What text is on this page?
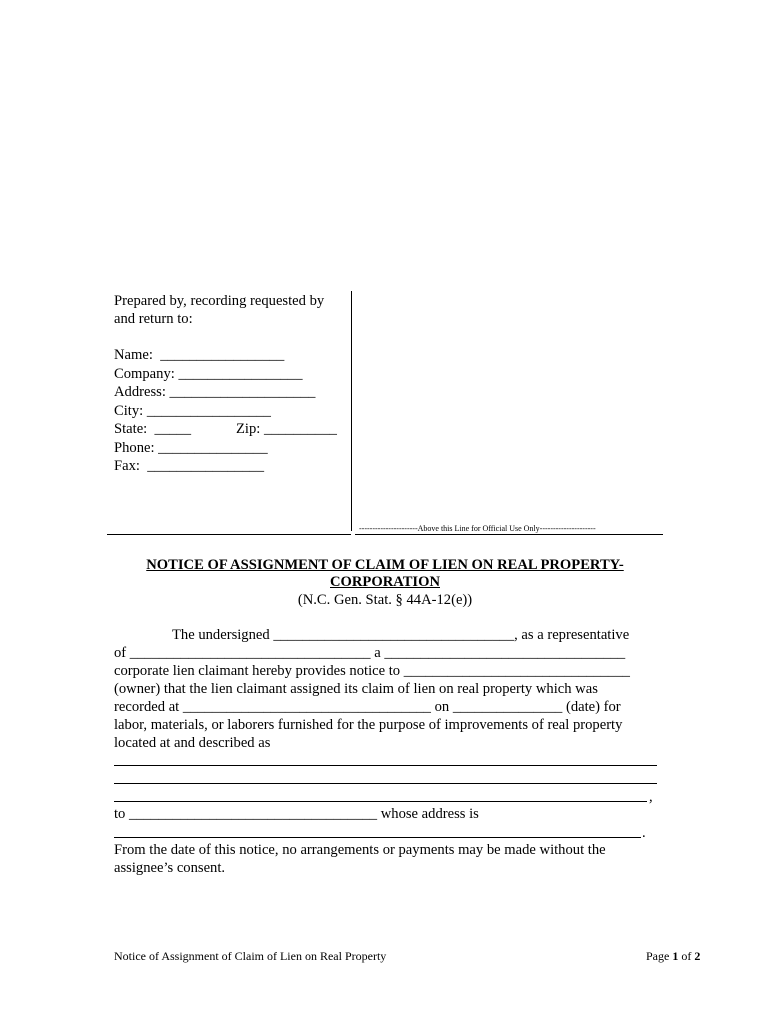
Prepared by, recording requested by
and return to:
Name:  _________________
Company: _________________
Address: ____________________
City: _________________
State:  _____	Zip: __________
Phone: _______________
Fax:  ________________
----------------------Above this Line for Official Use Only---------------------
NOTICE OF ASSIGNMENT OF CLAIM OF LIEN ON REAL PROPERTY-
CORPORATION
(N.C. Gen. Stat. § 44A-12(e))
The undersigned _________________________________, as a representative
of _________________________________ a _________________________________
corporate lien claimant hereby provides notice to _______________________________
(owner) that the lien claimant assigned its claim of lien on real property which was
recorded at __________________________________ on _______________ (date) for
labor, materials, or laborers furnished for the purpose of improvements of real property
located at and described as
,
to __________________________________ whose address is
.
From the date of this notice, no arrangements or payments may be made without the
assignee’s consent.
Notice of Assignment of Claim of Lien on Real Property	Page 1 of 2
